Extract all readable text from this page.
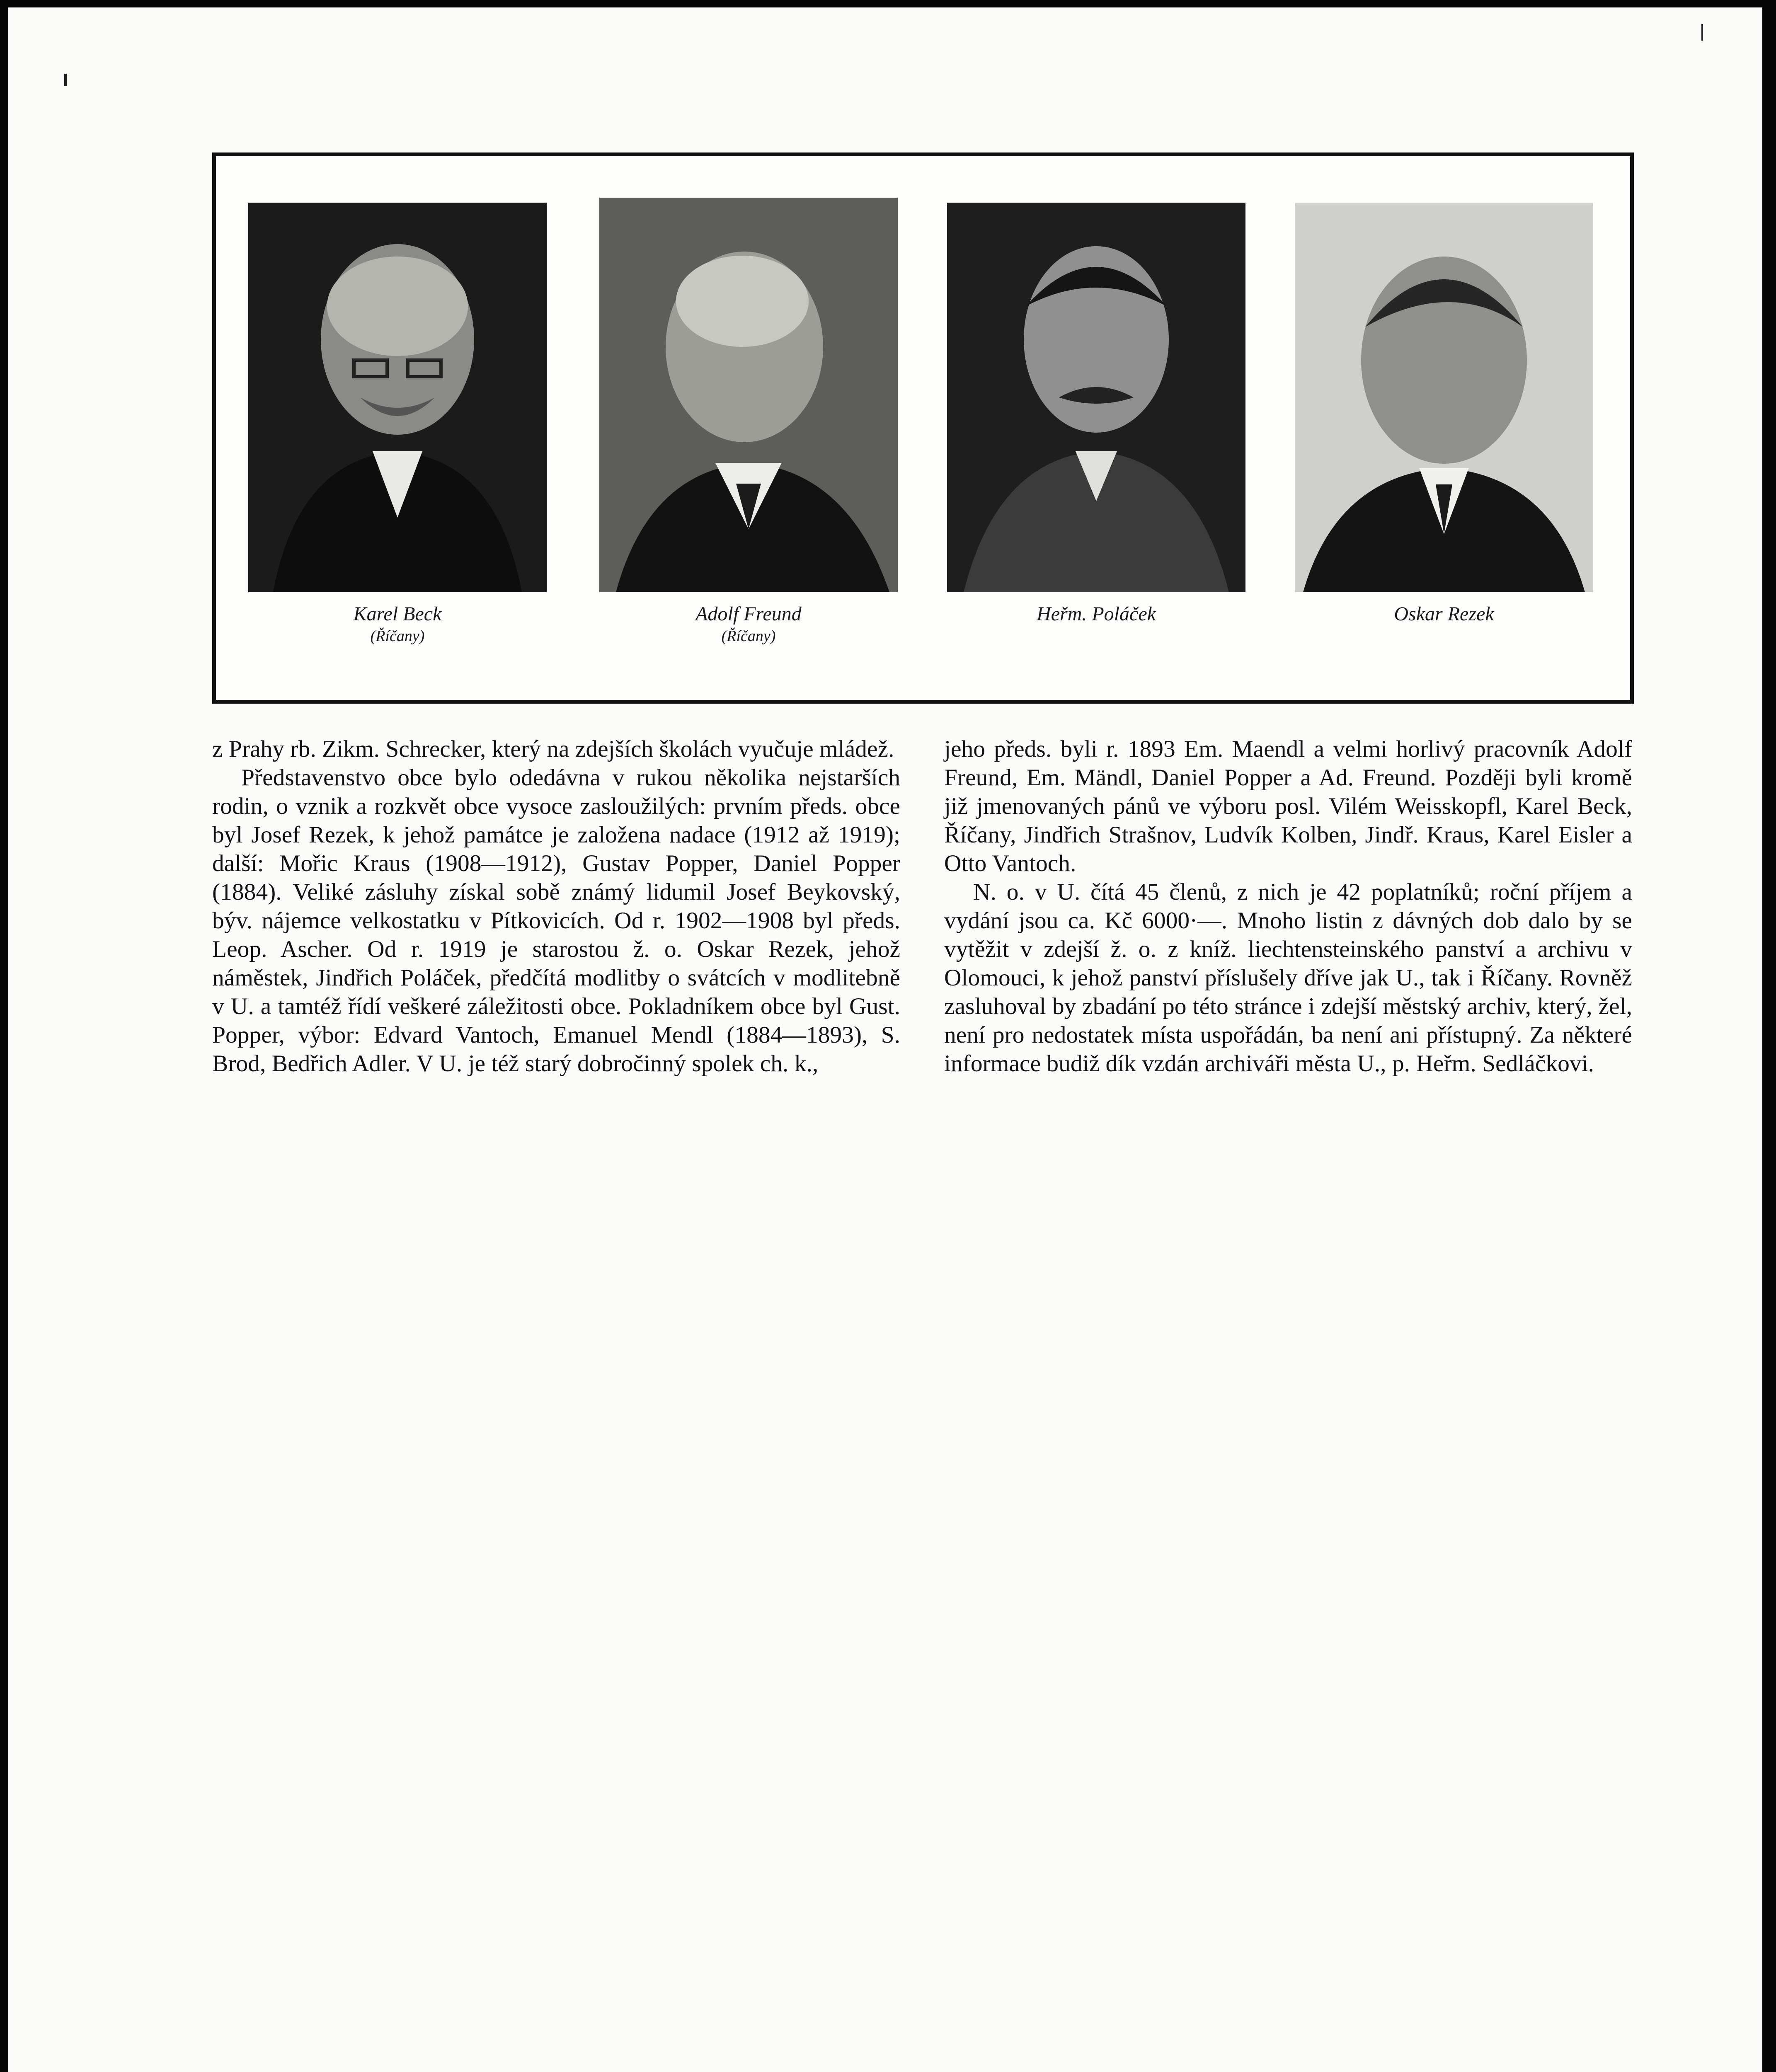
Karel Beck
(Říčany)
Adolf Freund
(Říčany)
Heřm. Poláček	Oskar Rezek

z Prahy rb. Zikm. Schrecker, který na zdejších školách vyučuje mládež.

Představenstvo obce bylo odedávna v rukou několika nejstarších rodin, o vznik a rozkvět obce vysoce zasloužilých: prvním předs. obce byl Josef Rezek, k jehož památce je založena nadace (1912 až 1919); další: Mořic Kraus (1908—1912), Gustav Popper, Daniel Popper (1884). Veliké zásluhy získal sobě známý lidumil Josef Beykovský, býv. nájemce velkostatku v Pítkovicích. Od r. 1902—1908 byl předs. Leop. Ascher. Od r. 1919 je starostou ž. o. Oskar Rezek, jehož náměstek, Jindřich Poláček, předčítá modlitby o svátcích v modlitebně v U. a tamtéž řídí veškeré záležitosti obce. Pokladníkem obce byl Gust. Popper, výbor: Edvard Vantoch, Emanuel Mendl (1884—1893), S. Brod, Bedřich Adler. V U. je též starý dobročinný spolek ch. k.,

jeho předs. byli r. 1893 Em. Maendl a velmi horlivý pracovník Adolf Freund, Em. Mändl, Daniel Popper a Ad. Freund. Později byli kromě již jmenovaných pánů ve výboru posl. Vilém Weisskopfl, Karel Beck, Říčany, Jindřich Strašnov, Ludvík Kolben, Jindř. Kraus, Karel Eisler a Otto Vantoch.

N. o. v U. čítá 45 členů, z nich je 42 poplatníků; roční příjem a vydání jsou ca. Kč 6000·—. Mnoho listin z dávných dob dalo by se vytěžit v zdejší ž. o. z kníž. liechtensteinského panství a archivu v Olomouci, k jehož panství příslušely dříve jak U., tak i Říčany. Rovněž zasluhoval by zbadání po této stránce i zdejší městský archiv, který, žel, není pro nedostatek místa uspořádán, ba není ani přístupný. Za některé informace budiž dík vzdán archiváři města U., p. Heřm. Sedláčkovi.
